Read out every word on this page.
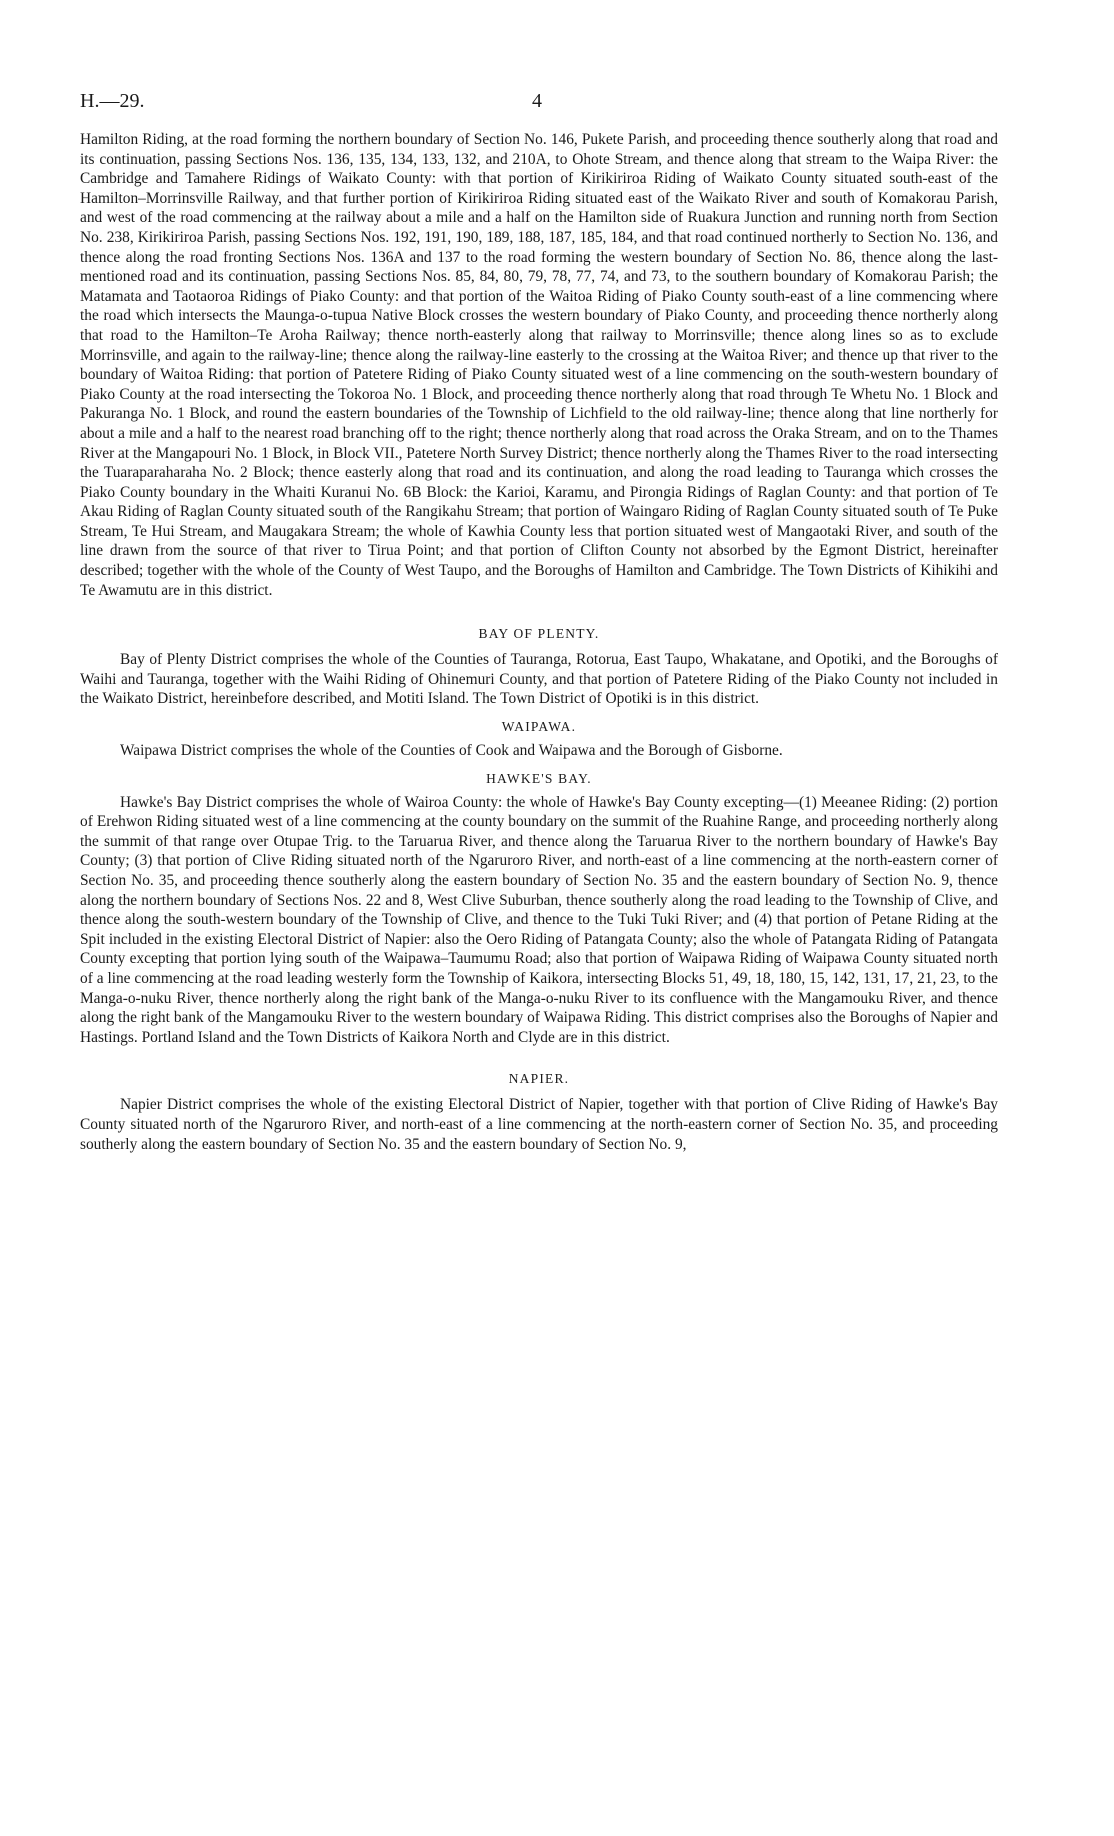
H.—29.	4

Hamilton Riding, at the road forming the northern boundary of Section No. 146, Pukete Parish, and proceeding thence southerly along that road and its continuation, passing Sections Nos. 136, 135, 134, 133, 132, and 210A, to Ohote Stream, and thence along that stream to the Waipa River: the Cambridge and Tamahere Ridings of Waikato County: with that portion of Kirikiriroa Riding of Waikato County situated south-east of the Hamilton–Morrinsville Railway, and that further portion of Kirikiriroa Riding situated east of the Waikato River and south of Komakorau Parish, and west of the road commencing at the railway about a mile and a half on the Hamilton side of Ruakura Junction and running north from Section No. 238, Kirikiriroa Parish, passing Sections Nos. 192, 191, 190, 189, 188, 187, 185, 184, and that road continued northerly to Section No. 136, and thence along the road fronting Sections Nos. 136A and 137 to the road forming the western boundary of Section No. 86, thence along the last-mentioned road and its continuation, passing Sections Nos. 85, 84, 80, 79, 78, 77, 74, and 73, to the southern boundary of Komakorau Parish; the Matamata and Taotaoroa Ridings of Piako County: and that portion of the Waitoa Riding of Piako County south-east of a line commencing where the road which intersects the Maunga-o-tupua Native Block crosses the western boundary of Piako County, and proceeding thence northerly along that road to the Hamilton–Te Aroha Railway; thence north-easterly along that railway to Morrinsville; thence along lines so as to exclude Morrinsville, and again to the railway-line; thence along the railway-line easterly to the crossing at the Waitoa River; and thence up that river to the boundary of Waitoa Riding: that portion of Patetere Riding of Piako County situated west of a line commencing on the south-western boundary of Piako County at the road intersecting the Tokoroa No. 1 Block, and proceeding thence northerly along that road through Te Whetu No. 1 Block and Pakuranga No. 1 Block, and round the eastern boundaries of the Township of Lichfield to the old railway-line; thence along that line northerly for about a mile and a half to the nearest road branching off to the right; thence northerly along that road across the Oraka Stream, and on to the Thames River at the Mangapouri No. 1 Block, in Block VII., Patetere North Survey District; thence northerly along the Thames River to the road intersecting the Tuaraparaharaha No. 2 Block; thence easterly along that road and its continuation, and along the road leading to Tauranga which crosses the Piako County boundary in the Whaiti Kuranui No. 6B Block: the Karioi, Karamu, and Pirongia Ridings of Raglan County: and that portion of Te Akau Riding of Raglan County situated south of the Rangikahu Stream; that portion of Waingaro Riding of Raglan County situated south of Te Puke Stream, Te Hui Stream, and Maugakara Stream; the whole of Kawhia County less that portion situated west of Mangaotaki River, and south of the line drawn from the source of that river to Tirua Point; and that portion of Clifton County not absorbed by the Egmont District, hereinafter described; together with the whole of the County of West Taupo, and the Boroughs of Hamilton and Cambridge. The Town Districts of Kihikihi and Te Awamutu are in this district.

BAY OF PLENTY.

Bay of Plenty District comprises the whole of the Counties of Tauranga, Rotorua, East Taupo, Whakatane, and Opotiki, and the Boroughs of Waihi and Tauranga, together with the Waihi Riding of Ohinemuri County, and that portion of Patetere Riding of the Piako County not included in the Waikato District, hereinbefore described, and Motiti Island. The Town District of Opotiki is in this district.

WAIPAWA.

Waipawa District comprises the whole of the Counties of Cook and Waipawa and the Borough of Gisborne.

HAWKE'S BAY.

Hawke's Bay District comprises the whole of Wairoa County: the whole of Hawke's Bay County excepting—(1) Meeanee Riding: (2) portion of Erehwon Riding situated west of a line commencing at the county boundary on the summit of the Ruahine Range, and proceeding northerly along the summit of that range over Otupae Trig. to the Taruarua River, and thence along the Taruarua River to the northern boundary of Hawke's Bay County; (3) that portion of Clive Riding situated north of the Ngaruroro River, and north-east of a line commencing at the north-eastern corner of Section No. 35, and proceeding thence southerly along the eastern boundary of Section No. 35 and the eastern boundary of Section No. 9, thence along the northern boundary of Sections Nos. 22 and 8, West Clive Suburban, thence southerly along the road leading to the Township of Clive, and thence along the south-western boundary of the Township of Clive, and thence to the Tuki Tuki River; and (4) that portion of Petane Riding at the Spit included in the existing Electoral District of Napier: also the Oero Riding of Patangata County; also the whole of Patangata Riding of Patangata County excepting that portion lying south of the Waipawa–Taumumu Road; also that portion of Waipawa Riding of Waipawa County situated north of a line commencing at the road leading westerly form the Township of Kaikora, intersecting Blocks 51, 49, 18, 180, 15, 142, 131, 17, 21, 23, to the Manga-o-nuku River, thence northerly along the right bank of the Manga-o-nuku River to its confluence with the Mangamouku River, and thence along the right bank of the Mangamouku River to the western boundary of Waipawa Riding. This district comprises also the Boroughs of Napier and Hastings. Portland Island and the Town Districts of Kaikora North and Clyde are in this district.

NAPIER.

Napier District comprises the whole of the existing Electoral District of Napier, together with that portion of Clive Riding of Hawke's Bay County situated north of the Ngaruroro River, and north-east of a line commencing at the north-eastern corner of Section No. 35, and proceeding southerly along the eastern boundary of Section No. 35 and the eastern boundary of Section No. 9,
